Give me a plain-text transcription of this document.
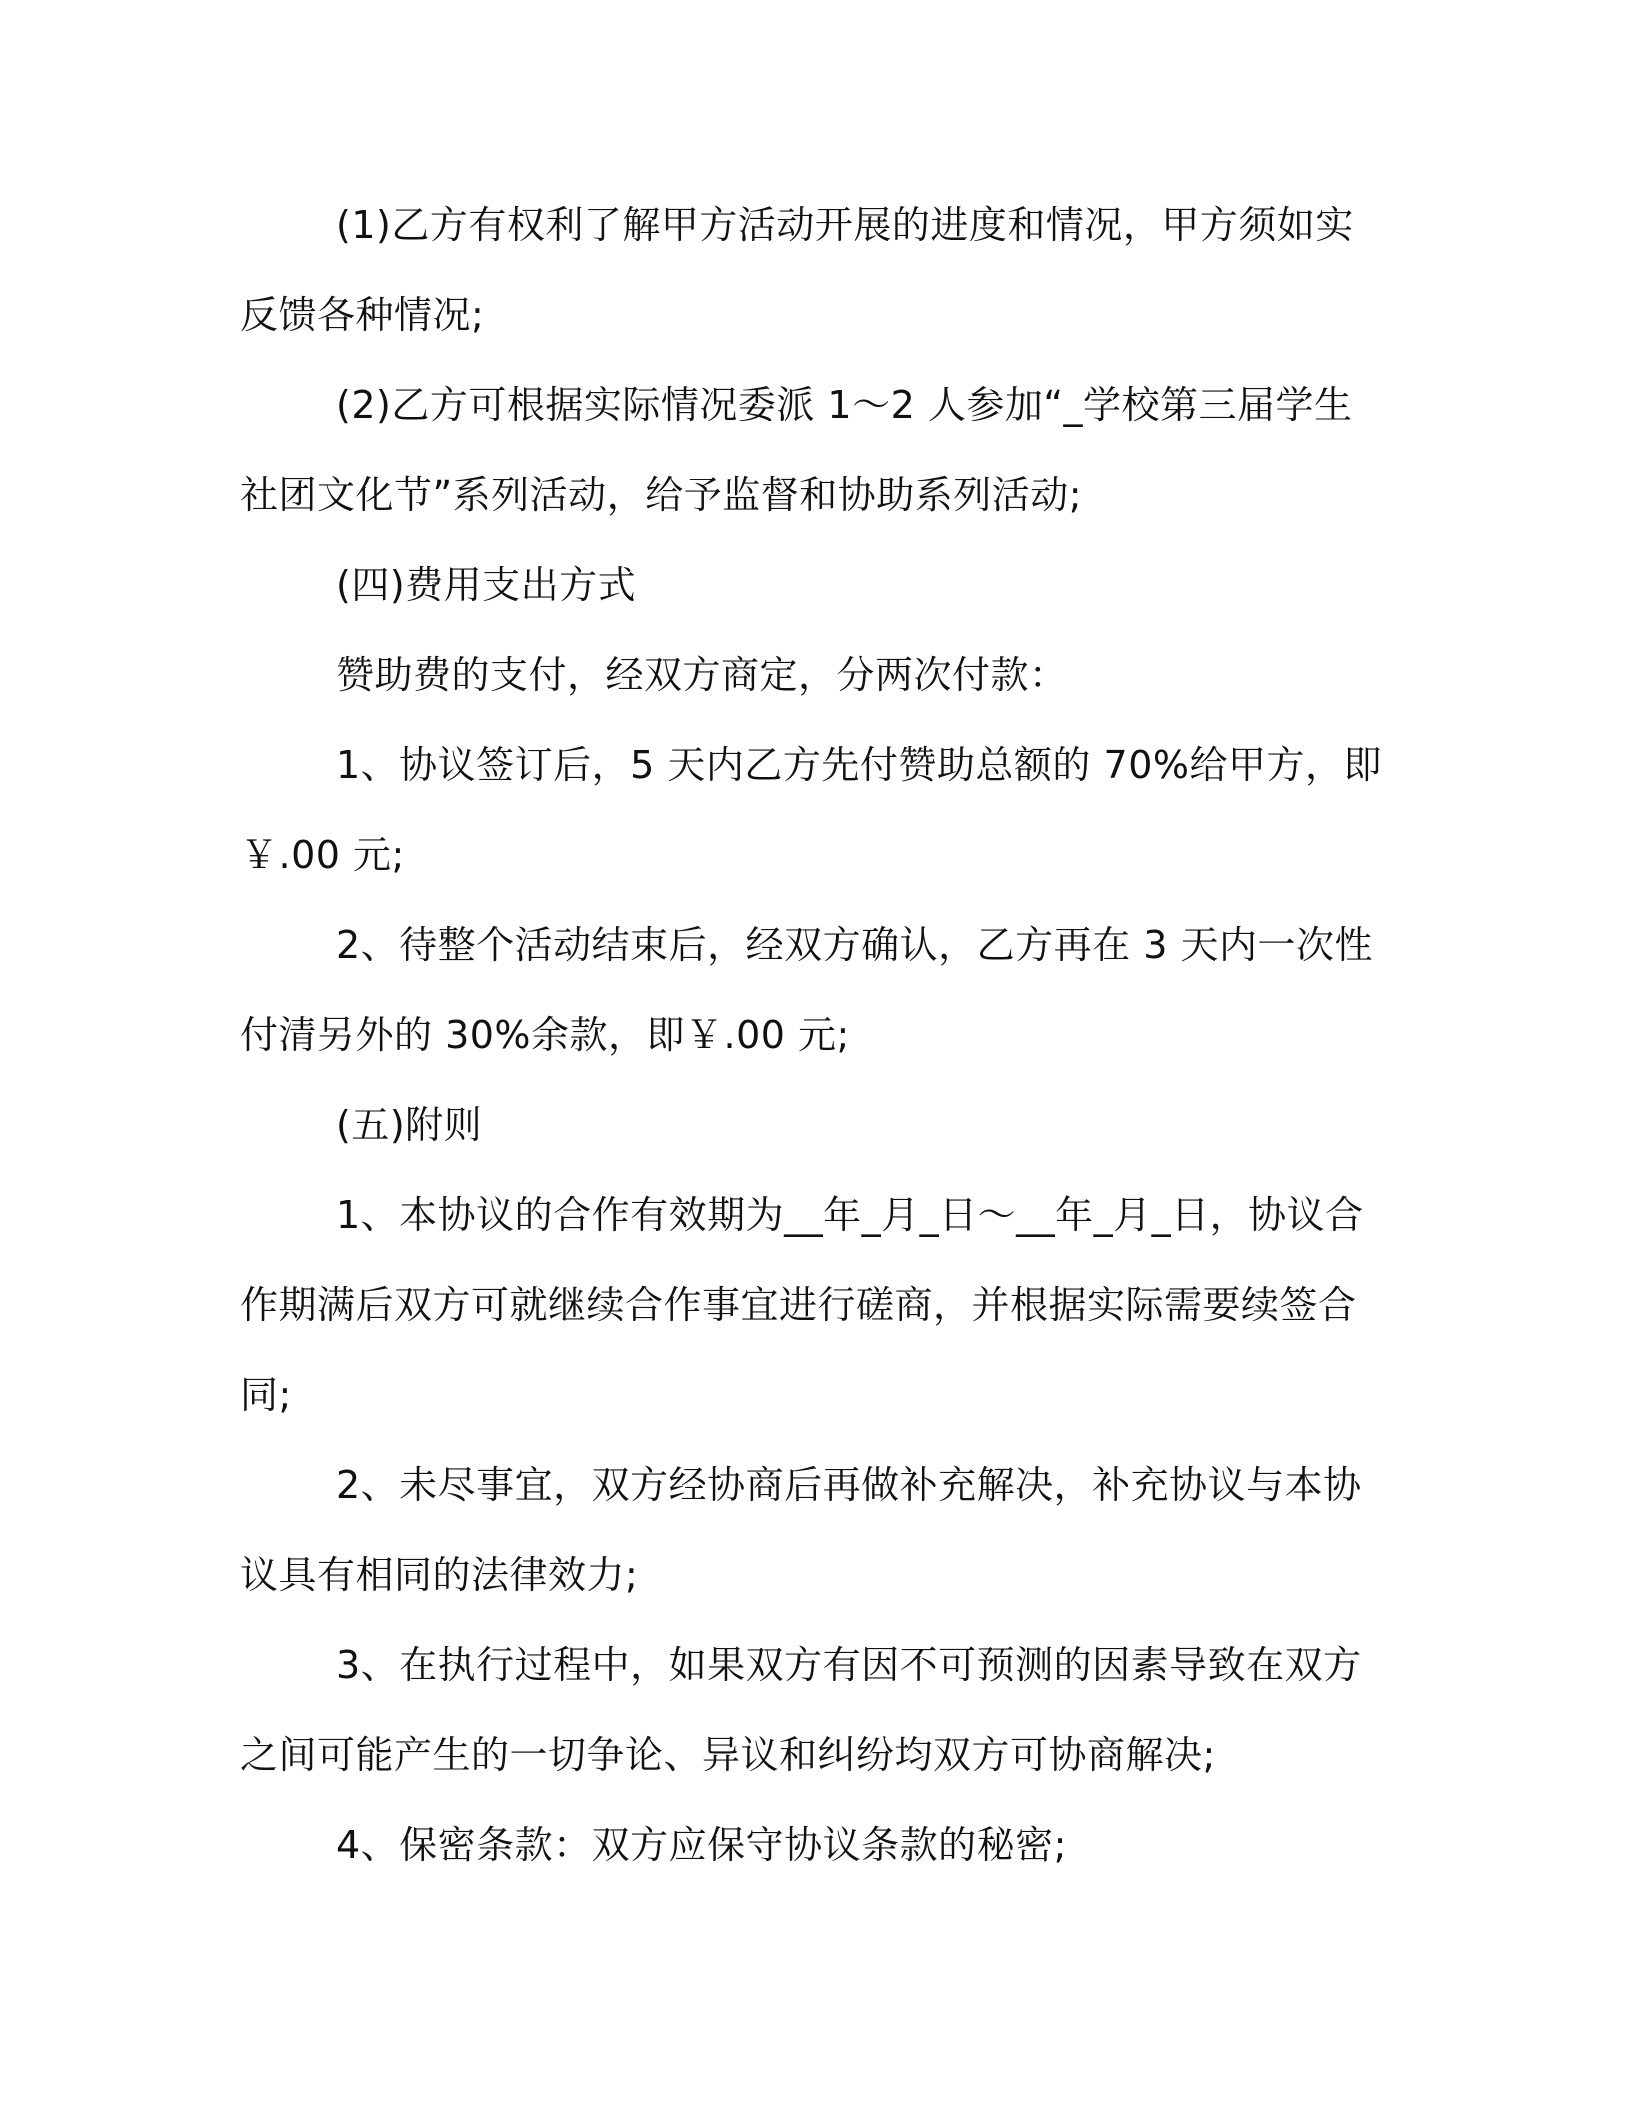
(1)乙方有权利了解甲方活动开展的进度和情况，甲方须如实反馈各种情况;

(2)乙方可根据实际情况委派 1～2 人参加“_学校第三届学生社团文化节”系列活动，给予监督和协助系列活动;

(四)费用支出方式

赞助费的支付，经双方商定，分两次付款：

1、协议签订后，5 天内乙方先付赞助总额的 70%给甲方，即￥.00 元;

2、待整个活动结束后，经双方确认，乙方再在 3 天内一次性付清另外的 30%余款，即￥.00 元;

(五)附则

1、本协议的合作有效期为__年_月_日～__年_月_日，协议合作期满后双方可就继续合作事宜进行磋商，并根据实际需要续签合同;

2、未尽事宜，双方经协商后再做补充解决，补充协议与本协议具有相同的法律效力;

3、在执行过程中，如果双方有因不可预测的因素导致在双方之间可能产生的一切争论、异议和纠纷均双方可协商解决;

4、保密条款：双方应保守协议条款的秘密;
